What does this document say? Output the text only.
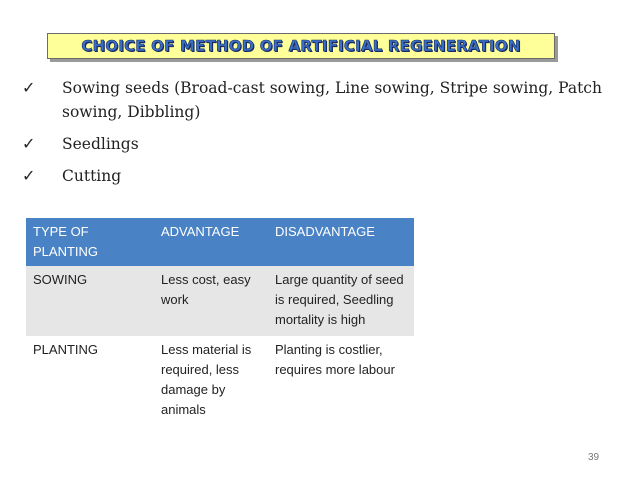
CHOICE OF METHOD OF ARTIFICIAL REGENERATION
✓ Sowing seeds (Broad-cast sowing, Line sowing, Stripe sowing, Patch sowing, Dibbling)
✓ Seedlings
✓ Cutting
TYPE OF PLANTING	ADVANTAGE	DISADVANTAGE
SOWING	Less cost, easy work	Large quantity of seed is required, Seedling mortality is high
PLANTING	Less material is required, less damage by animals	Planting is costlier, requires more labour
39
